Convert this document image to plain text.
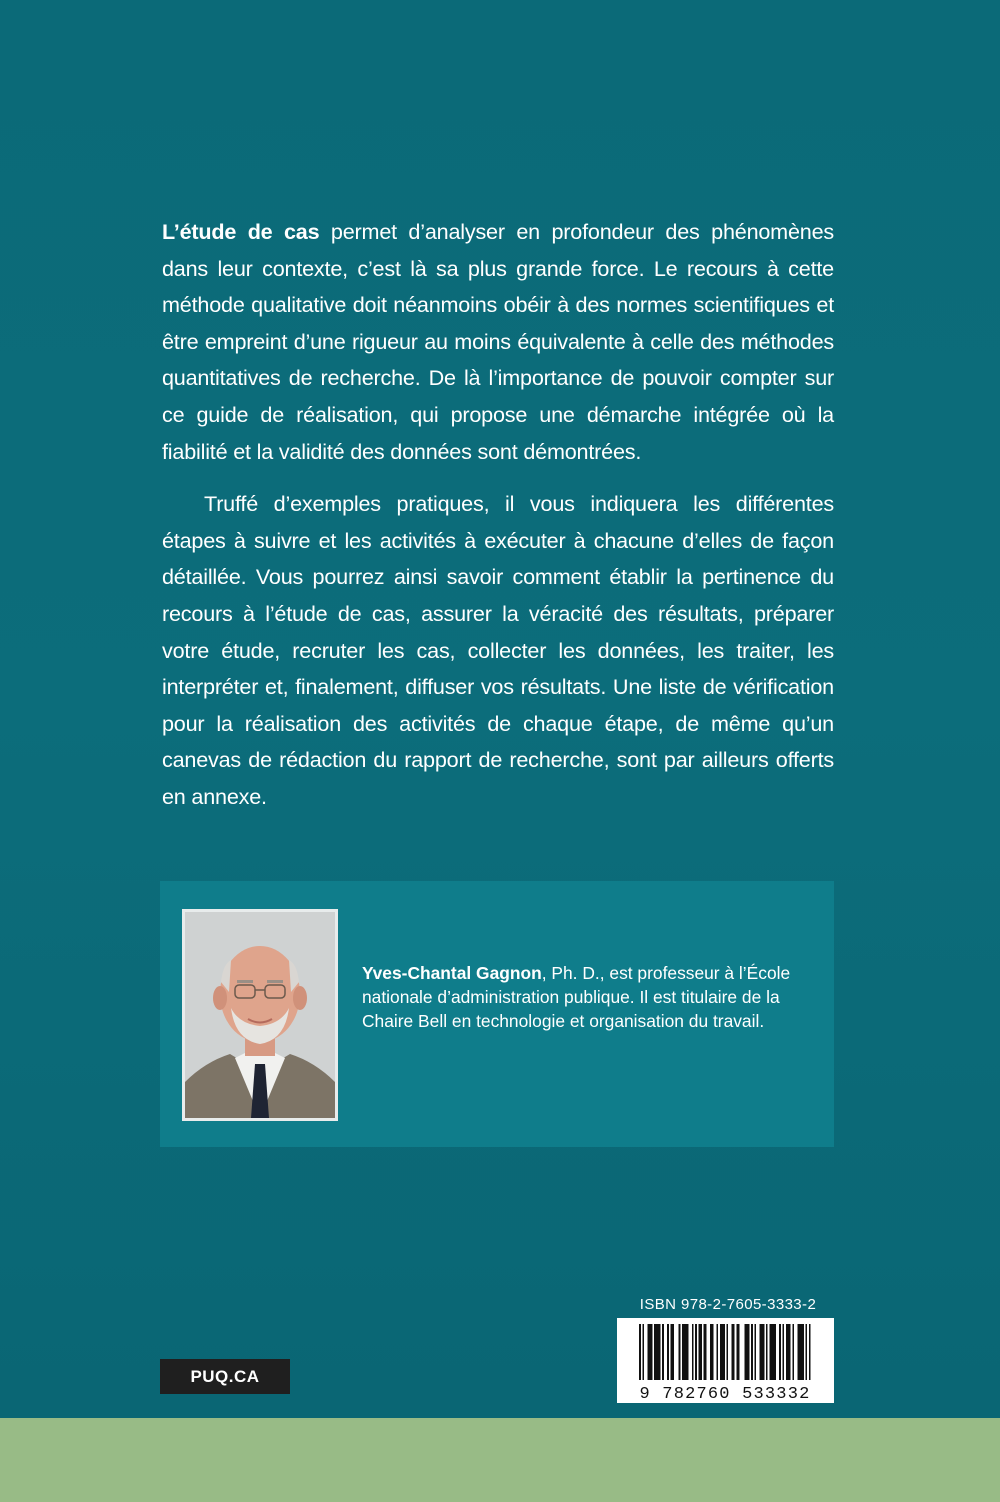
L’étude de cas permet d’analyser en profondeur des phénomènes dans leur contexte, c’est là sa plus grande force. Le recours à cette méthode qualitative doit néanmoins obéir à des normes scientifiques et être empreint d’une rigueur au moins équivalente à celle des méthodes quantitatives de recherche. De là l’importance de pouvoir compter sur ce guide de réalisation, qui propose une démarche intégrée où la fiabilité et la validité des données sont démontrées.

Truffé d’exemples pratiques, il vous indiquera les différentes étapes à suivre et les activités à exécuter à chacune d’elles de façon détaillée. Vous pourrez ainsi savoir comment établir la pertinence du recours à l’étude de cas, assurer la véracité des résultats, préparer votre étude, recruter les cas, collecter les données, les traiter, les interpréter et, finalement, diffuser vos résultats. Une liste de vérification pour la réalisation des activités de chaque étape, de même qu’un canevas de rédaction du rapport de recherche, sont par ailleurs offerts en annexe.

Yves-Chantal Gagnon, Ph. D., est professeur à l’École nationale d’administration publique. Il est titulaire de la Chaire Bell en technologie et organisation du travail.
ISBN 978-2-7605-3333-2
9 782760 533332
PUQ.CA
